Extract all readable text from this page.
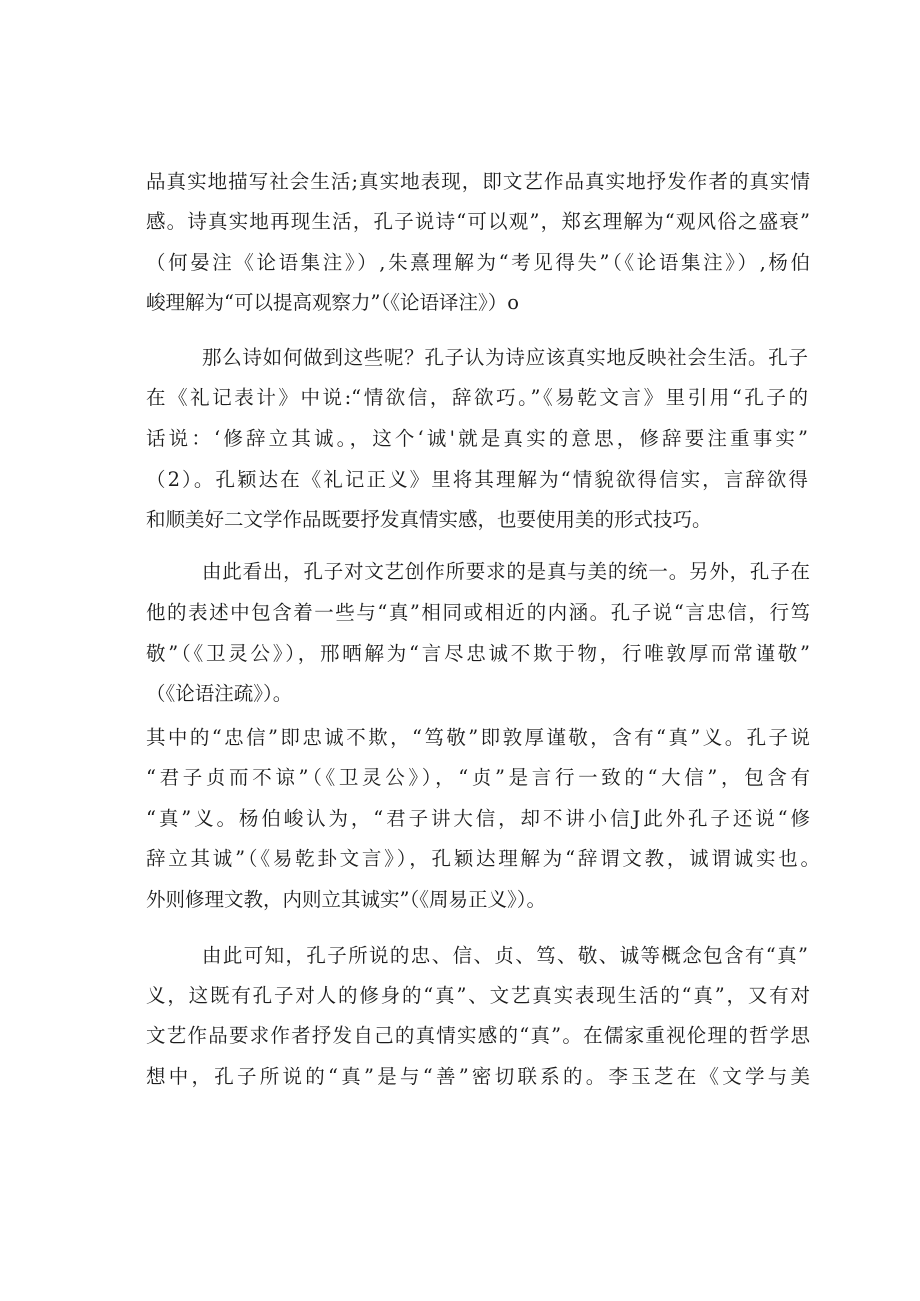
品真实地描写社会生活;真实地表现，即文艺作品真实地抒发作者的真实情
感。诗真实地再现生活，孔子说诗“可以观”，郑玄理解为“观风俗之盛衰”
（何晏注《论语集注》）,朱熹理解为“考见得失”（《论语集注》）,杨伯
峻理解为“可以提高观察力”（《论语译注》）o
那么诗如何做到这些呢？孔子认为诗应该真实地反映社会生活。孔子
在《礼记表计》中说:“情欲信，辞欲巧。”《易乾文言》里引用“孔子的
话说：‘修辞立其诚。，这个‘诚'就是真实的意思，修辞要注重事实”
（2）。孔颖达在《礼记正义》里将其理解为“情貌欲得信实，言辞欲得
和顺美好二文学作品既要抒发真情实感，也要使用美的形式技巧。
由此看出，孔子对文艺创作所要求的是真与美的统一。另外，孔子在
他的表述中包含着一些与“真”相同或相近的内涵。孔子说“言忠信，行笃
敬”（《卫灵公》），邢晒解为“言尽忠诚不欺于物，行唯敦厚而常谨敬”
（《论语注疏》）。
其中的“忠信”即忠诚不欺，“笃敬”即敦厚谨敬，含有“真”义。孔子说
“君子贞而不谅”（《卫灵公》），“贞”是言行一致的“大信”，包含有
“真”义。杨伯峻认为，“君子讲大信，却不讲小信J此外孔子还说“修
辞立其诚”（《易乾卦文言》），孔颖达理解为“辞谓文教，诚谓诚实也。
外则修理文教，内则立其诚实”（《周易正义》）。
由此可知，孔子所说的忠、信、贞、笃、敬、诚等概念包含有“真”
义，这既有孔子对人的修身的“真”、文艺真实表现生活的“真”，又有对
文艺作品要求作者抒发自己的真情实感的“真”。在儒家重视伦理的哲学思
想中，孔子所说的“真”是与“善”密切联系的。李玉芝在《文学与美
